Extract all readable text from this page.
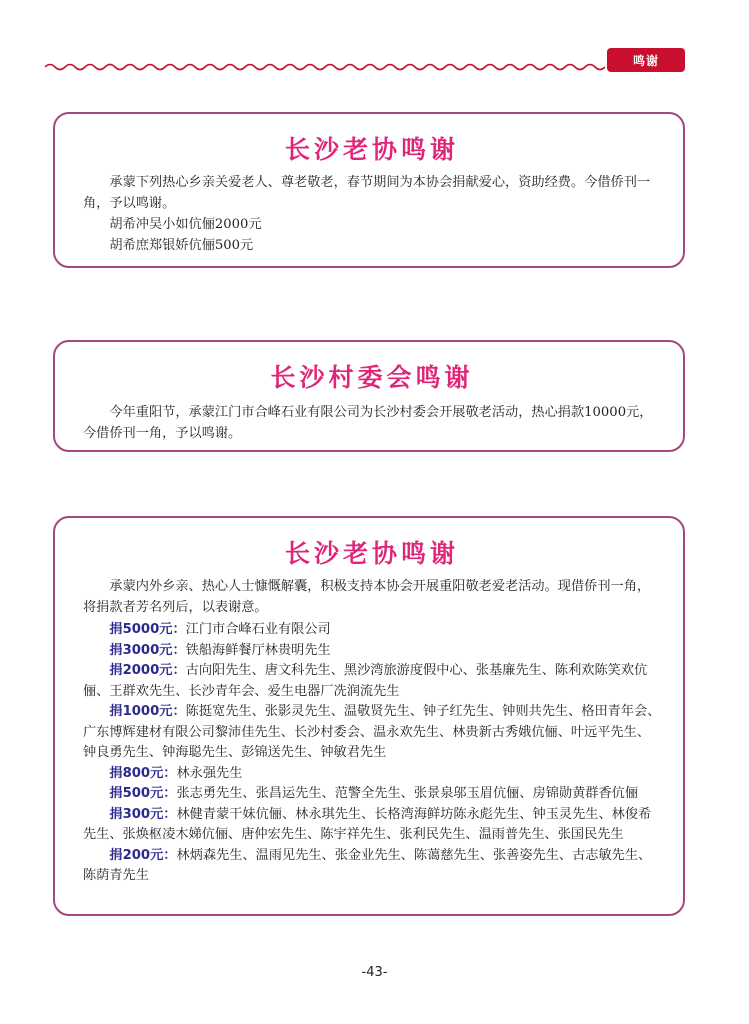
鸣谢
长沙老协鸣谢

承蒙下列热心乡亲关爱老人、尊老敬老，春节期间为本协会捐献爱心，资助经费。今借侨刊一角，予以鸣谢。

胡希冲吴小如伉俪2000元

胡希庶郑银娇伉俪500元

长沙村委会鸣谢

今年重阳节，承蒙江门市合峰石业有限公司为长沙村委会开展敬老活动，热心捐款10000元，今借侨刊一角，予以鸣谢。

长沙老协鸣谢

承蒙内外乡亲、热心人士慷慨解囊，积极支持本协会开展重阳敬老爱老活动。现借侨刊一角，将捐款者芳名列后，以表谢意。

捐5000元：江门市合峰石业有限公司

捐3000元：铁船海鲜餐厅林贵明先生

捐2000元：古向阳先生、唐文科先生、黑沙湾旅游度假中心、张基廉先生、陈利欢陈笑欢伉俪、王群欢先生、长沙青年会、爱生电器厂冼润流先生

捐1000元：陈挺宽先生、张影灵先生、温敬贤先生、钟子红先生、钟则共先生、格田青年会、广东博辉建材有限公司黎沛佳先生、长沙村委会、温永欢先生、林贵新古秀娥伉俪、叶远平先生、钟良勇先生、钟海聪先生、彭锦送先生、钟敏君先生

捐800元：林永强先生

捐500元：张志勇先生、张昌运先生、范警全先生、张景泉邬玉眉伉俪、房锦勋黄群香伉俪

捐300元：林健青蒙干妹伉俪、林永琪先生、长格湾海鲜坊陈永彪先生、钟玉灵先生、林俊希先生、张焕枢凌木娣伉俪、唐仲宏先生、陈宇祥先生、张利民先生、温雨普先生、张国民先生

捐200元：林炳森先生、温雨见先生、张金业先生、陈蔼慈先生、张善姿先生、古志敏先生、陈荫青先生

-43-
